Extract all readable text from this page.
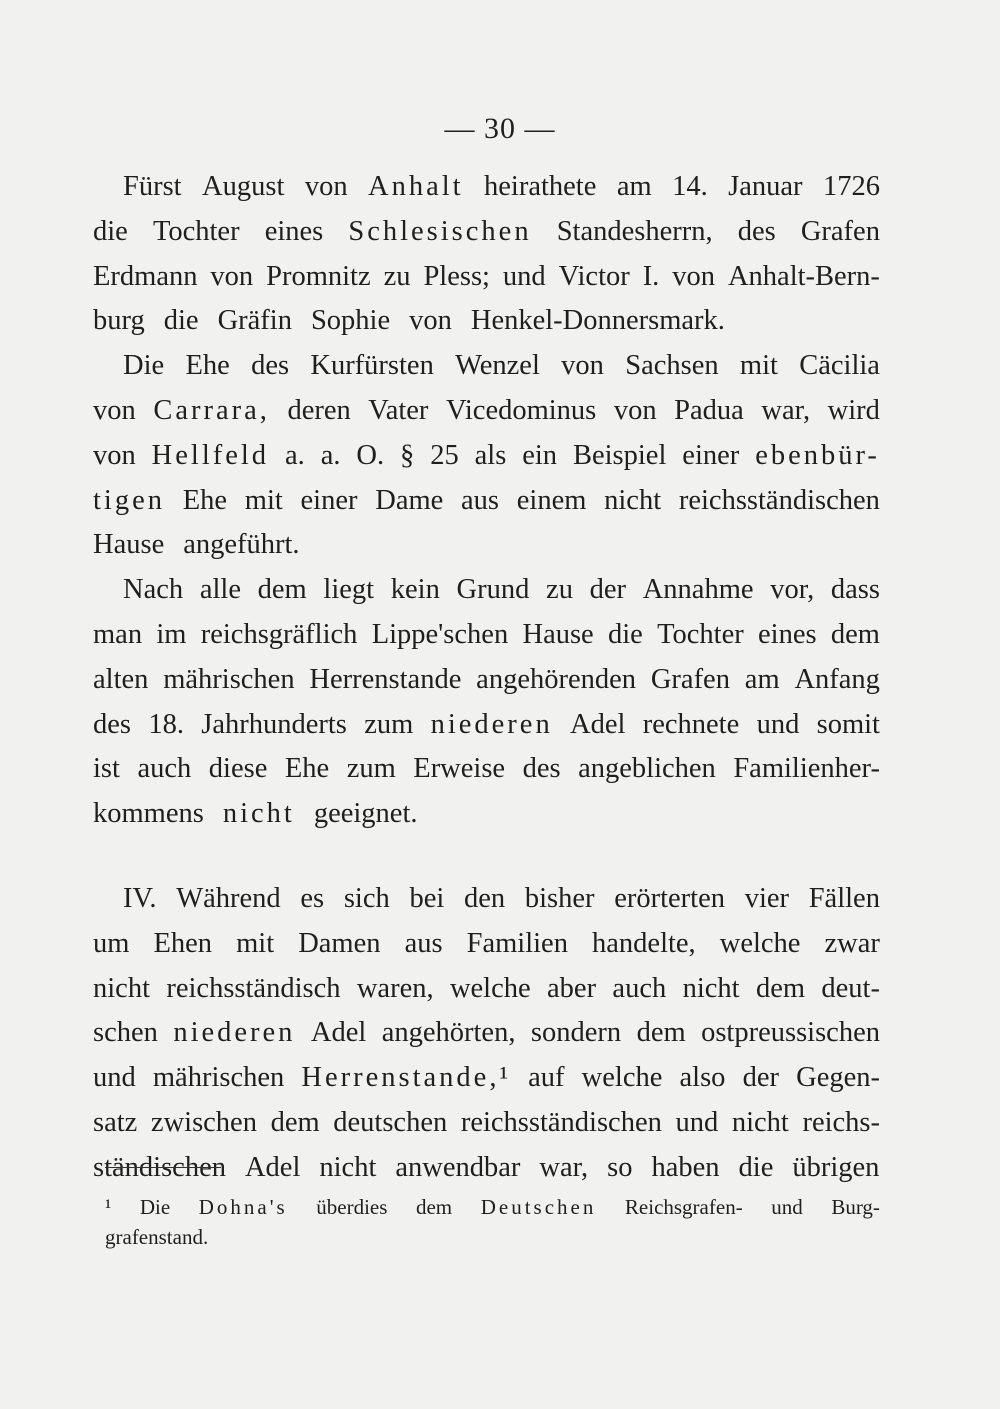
— 30 —
Fürst August von Anhalt heirathete am 14. Januar 1726
die Tochter eines Schlesischen Standesherrn, des Grafen
Erdmann von Promnitz zu Pless; und Victor I. von Anhalt-Bern-
burg die Gräfin Sophie von Henkel-Donnersmark.
Die Ehe des Kurfürsten Wenzel von Sachsen mit Cäcilia
von Carrara, deren Vater Vicedominus von Padua war, wird
von Hellfeld a. a. O. § 25 als ein Beispiel einer ebenbür-
tigen Ehe mit einer Dame aus einem nicht reichsständischen
Hause angeführt.
Nach alle dem liegt kein Grund zu der Annahme vor, dass
man im reichsgräflich Lippe'schen Hause die Tochter eines dem
alten mährischen Herrenstande angehörenden Grafen am Anfang
des 18. Jahrhunderts zum niederen Adel rechnete und somit
ist auch diese Ehe zum Erweise des angeblichen Familienher-
kommens nicht geeignet.
IV. Während es sich bei den bisher erörterten vier Fällen
um Ehen mit Damen aus Familien handelte, welche zwar
nicht reichsständisch waren, welche aber auch nicht dem deut-
schen niederen Adel angehörten, sondern dem ostpreussischen
und mährischen Herrenstande,¹ auf welche also der Gegen-
satz zwischen dem deutschen reichsständischen und nicht reichs-
ständischen Adel nicht anwendbar war, so haben die übrigen
¹ Die Dohna's überdies dem Deutschen Reichsgrafen- und Burg-
grafenstand.
